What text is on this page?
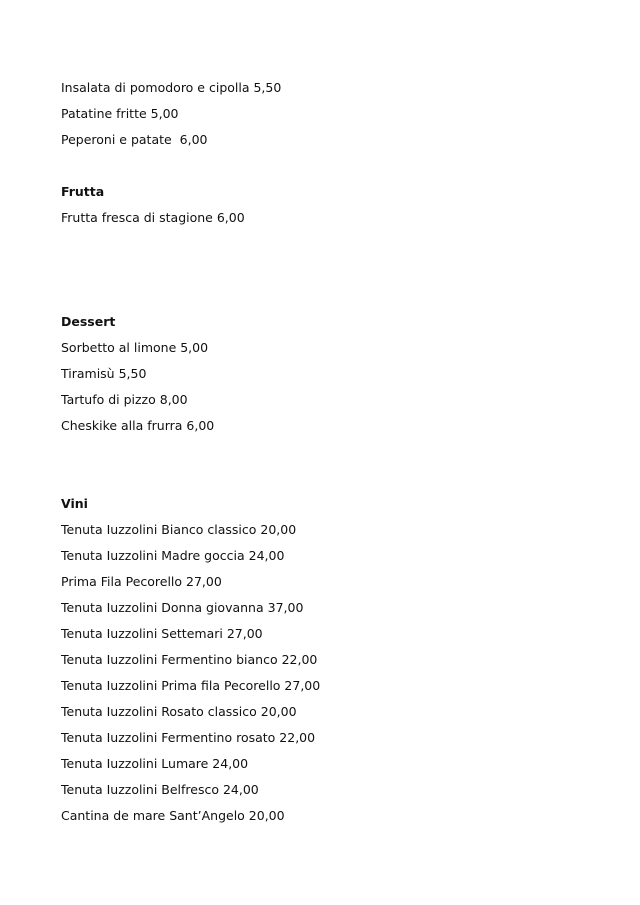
Insalata di pomodoro e cipolla 5,50
Patatine fritte 5,00
Peperoni e patate  6,00
Frutta
Frutta fresca di stagione 6,00
Dessert
Sorbetto al limone 5,00
Tiramisù 5,50
Tartufo di pizzo 8,00
Cheskike alla frurra 6,00
Vini
Tenuta Iuzzolini Bianco classico 20,00
Tenuta Iuzzolini Madre goccia 24,00
Prima Fila Pecorello 27,00
Tenuta Iuzzolini Donna giovanna 37,00
Tenuta Iuzzolini Settemari 27,00
Tenuta Iuzzolini Fermentino bianco 22,00
Tenuta Iuzzolini Prima fila Pecorello 27,00
Tenuta Iuzzolini Rosato classico 20,00
Tenuta Iuzzolini Fermentino rosato 22,00
Tenuta Iuzzolini Lumare 24,00
Tenuta Iuzzolini Belfresco 24,00
Cantina de mare Sant’Angelo 20,00
